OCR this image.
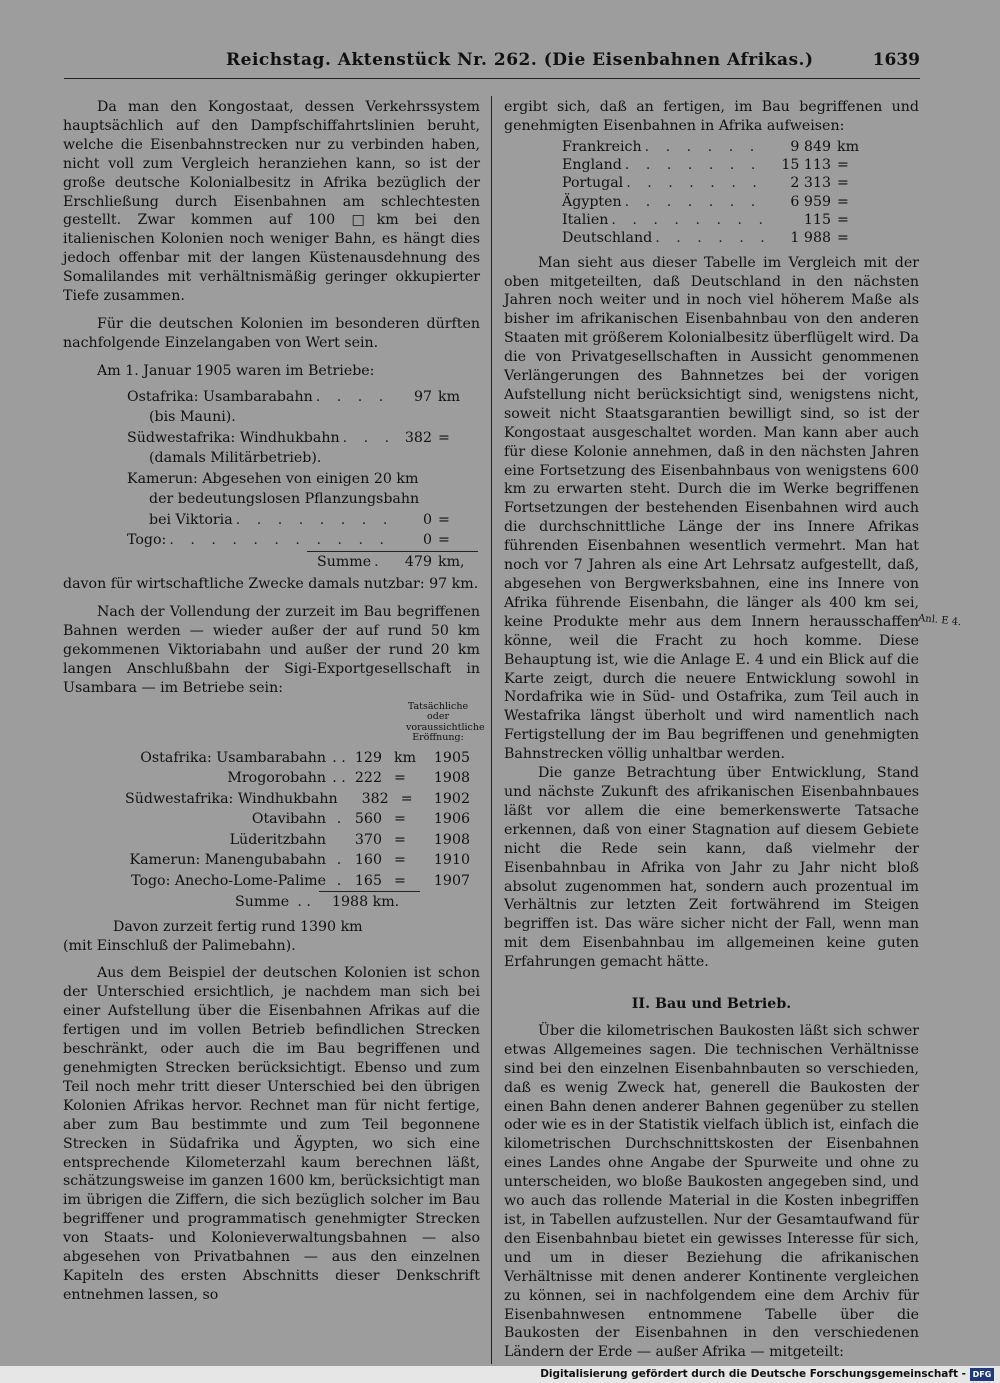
Reichstag. Aktenstück Nr. 262. (Die Eisenbahnen Afrikas.)	1639

Da man den Kongostaat, dessen Verkehrssystem hauptsächlich auf den Dampfschiffahrtslinien beruht, welche die Eisenbahnstrecken nur zu verbinden haben, nicht voll zum Vergleich heranziehen kann, so ist der große deutsche Kolonialbesitz in Afrika bezüglich der Erschließung durch Eisenbahnen am schlechtesten gestellt. Zwar kommen auf 100 □km bei den italienischen Kolonien noch weniger Bahn, es hängt dies jedoch offenbar mit der langen Küstenausdehnung des Somalilandes mit verhältnismäßig geringer okkupierter Tiefe zusammen.

Für die deutschen Kolonien im besonderen dürften nachfolgende Einzelangaben von Wert sein.

Am 1. Januar 1905 waren im Betriebe:

Ostafrika: Usambarabahn . . .	97 km
(bis Mauni).
Südwestafrika: Windhukbahn . . .	382 =
(damals Militärbetrieb).
Kamerun: Abgesehen von einigen 20 km
der bedeutungslosen Pflanzungsbahn
bei Viktoria . . .	0 =
Togo: . . .	0 =
Summe . . .	479 km,

davon für wirtschaftliche Zwecke damals nutzbar: 97 km.

Nach der Vollendung der zurzeit im Bau begriffenen Bahnen werden — wieder außer der auf rund 50 km gekommenen Viktoriabahn und außer der rund 20 km langen Anschlußbahn der Sigi-Exportgesellschaft in Usambara — im Betriebe sein:

Tatsächliche oder voraussichtliche Eröffnung:
Ostafrika: Usambarabahn . . 129 km	1905
Mrogorobahn . . 222 =	1908
Südwestafrika: Windhukbahn 382 =	1902
Otavibahn . 560 =	1906
Lüderitzbahn 370 =	1908
Kamerun: Manengubabahn . 160 =	1910
Togo: Anecho-Lome-Palime . 165 =	1907
Summe . .	1988 km.

Davon zurzeit fertig rund 1390 km

(mit Einschluß der Palimebahn).

Aus dem Beispiel der deutschen Kolonien ist schon der Unterschied ersichtlich, je nachdem man sich bei einer Aufstellung über die Eisenbahnen Afrikas auf die fertigen und im vollen Betrieb befindlichen Strecken beschränkt, oder auch die im Bau begriffenen und genehmigten Strecken berücksichtigt. Ebenso und zum Teil noch mehr tritt dieser Unterschied bei den übrigen Kolonien Afrikas hervor. Rechnet man für nicht fertige, aber zum Bau bestimmte und zum Teil begonnene Strecken in Südafrika und Ägypten, wo sich eine entsprechende Kilometerzahl kaum berechnen läßt, schätzungsweise im ganzen 1600 km, berücksichtigt man im übrigen die Ziffern, die sich bezüglich solcher im Bau begriffener und programmatisch genehmigter Strecken von Staats- und Kolonieverwaltungsbahnen — also abgesehen von Privatbahnen — aus den einzelnen Kapiteln des ersten Abschnitts dieser Denkschrift entnehmen lassen, so

ergibt sich, daß an fertigen, im Bau begriffenen und genehmigten Eisenbahnen in Afrika aufweisen:

Frankreich . . .	9 849 km
England . . .	15 113 =
Portugal . . .	2 313 =
Ägypten . . .	6 959 =
Italien . . .	115 =
Deutschland . . .	1 988 =

Man sieht aus dieser Tabelle im Vergleich mit der oben mitgeteilten, daß Deutschland in den nächsten Jahren noch weiter und in noch viel höherem Maße als bisher im afrikanischen Eisenbahnbau von den anderen Staaten mit größerem Kolonialbesitz überflügelt wird. Da die von Privatgesellschaften in Aussicht genommenen Verlängerungen des Bahnnetzes bei der vorigen Aufstellung nicht berücksichtigt sind, wenigstens nicht, soweit nicht Staatsgarantien bewilligt sind, so ist der Kongostaat ausgeschaltet worden. Man kann aber auch für diese Kolonie annehmen, daß in den nächsten Jahren eine Fortsetzung des Eisenbahnbaus von wenigstens 600 km zu erwarten steht. Durch die im Werke begriffenen Fortsetzungen der bestehenden Eisenbahnen wird auch die durchschnittliche Länge der ins Innere Afrikas führenden Eisenbahnen wesentlich vermehrt. Man hat noch vor 7 Jahren als eine Art Lehrsatz aufgestellt, daß, abgesehen von Bergwerksbahnen, eine ins Innere von Afrika führende Eisenbahn, die länger als 400 km sei, keine Produkte mehr aus dem Innern herausschaffen könne, weil die Fracht zu hoch komme. Diese Behauptung ist, wie die Anlage E. 4 und ein Blick auf die Karte zeigt, durch die neuere Entwicklung sowohl in Nordafrika wie in Süd- und Ostafrika, zum Teil auch in Westafrika längst überholt und wird namentlich nach Fertigstellung der im Bau begriffenen und genehmigten Bahnstrecken völlig unhaltbar werden.

Die ganze Betrachtung über Entwicklung, Stand und nächste Zukunft des afrikanischen Eisenbahnbaues läßt vor allem die eine bemerkenswerte Tatsache erkennen, daß von einer Stagnation auf diesem Gebiete nicht die Rede sein kann, daß vielmehr der Eisenbahnbau in Afrika von Jahr zu Jahr nicht bloß absolut zugenommen hat, sondern auch prozentual im Verhältnis zur letzten Zeit fortwährend im Steigen begriffen ist. Das wäre sicher nicht der Fall, wenn man mit dem Eisenbahnbau im allgemeinen keine guten Erfahrungen gemacht hätte.

II. Bau und Betrieb.

Über die kilometrischen Baukosten läßt sich schwer etwas Allgemeines sagen. Die technischen Verhältnisse sind bei den einzelnen Eisenbahnbauten so verschieden, daß es wenig Zweck hat, generell die Baukosten der einen Bahn denen anderer Bahnen gegenüber zu stellen oder wie es in der Statistik vielfach üblich ist, einfach die kilometrischen Durchschnittskosten der Eisenbahnen eines Landes ohne Angabe der Spurweite und ohne zu unterscheiden, wo bloße Baukosten angegeben sind, und wo auch das rollende Material in die Kosten inbegriffen ist, in Tabellen aufzustellen. Nur der Gesamtaufwand für den Eisenbahnbau bietet ein gewisses Interesse für sich, und um in dieser Beziehung die afrikanischen Verhältnisse mit denen anderer Kontinente vergleichen zu können, sei in nachfolgendem eine dem Archiv für Eisenbahnwesen entnommene Tabelle über die Baukosten der Eisenbahnen in den verschiedenen Ländern der Erde — außer Afrika — mitgeteilt:

Anl. E 4.
Digitalisierung gefördert durch die Deutsche Forschungsgemeinschaft - DFG
